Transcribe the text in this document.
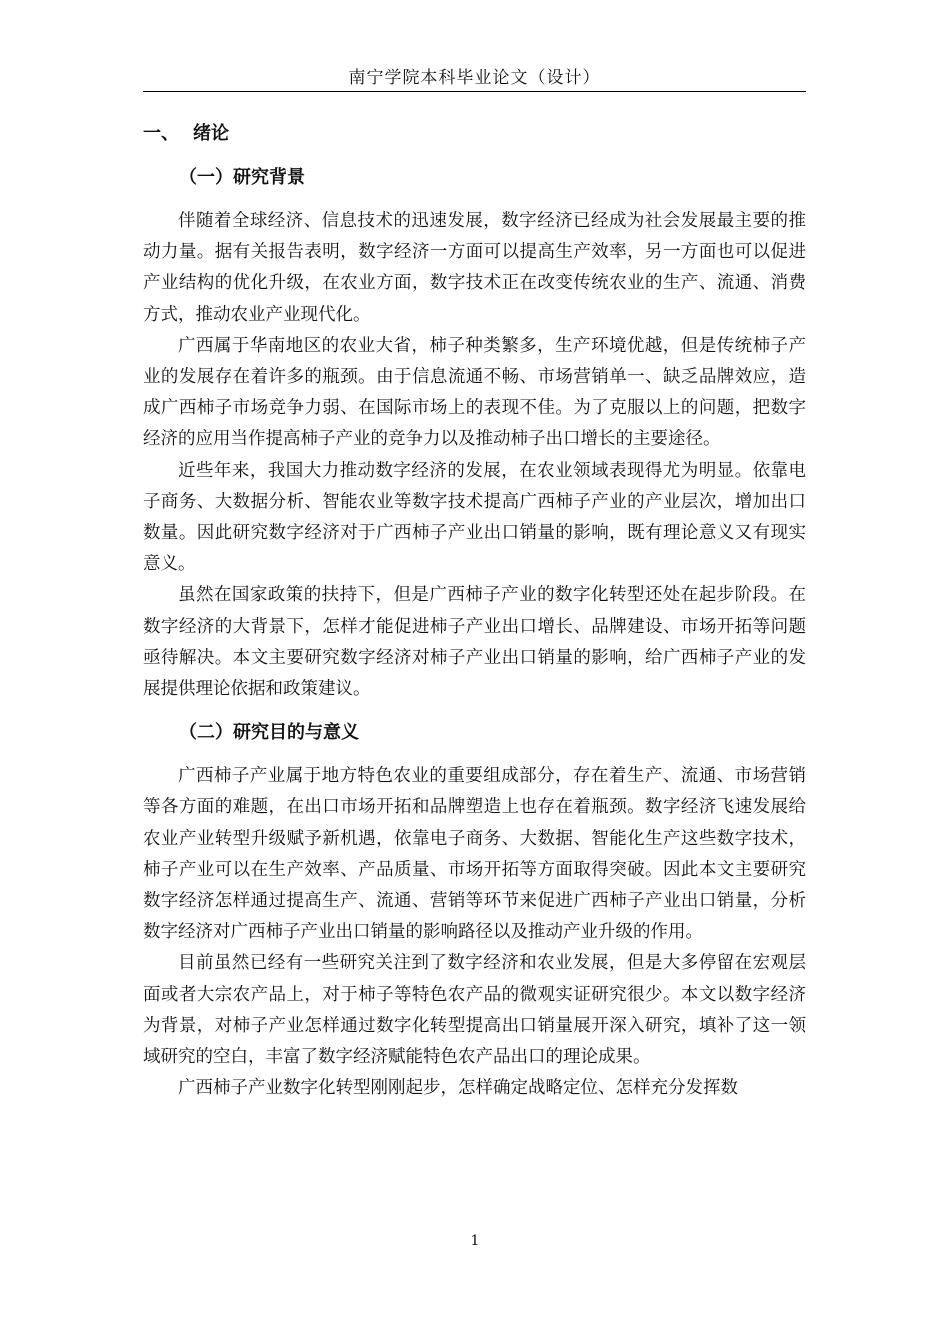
南宁学院本科毕业论文（设计）
一、 绪论
（一）研究背景

伴随着全球经济、信息技术的迅速发展，数字经济已经成为社会发展最主要的推动力量。据有关报告表明，数字经济一方面可以提高生产效率，另一方面也可以促进产业结构的优化升级，在农业方面，数字技术正在改变传统农业的生产、流通、消费方式，推动农业产业现代化。

广西属于华南地区的农业大省，柿子种类繁多，生产环境优越，但是传统柿子产业的发展存在着许多的瓶颈。由于信息流通不畅、市场营销单一、缺乏品牌效应，造成广西柿子市场竞争力弱、在国际市场上的表现不佳。为了克服以上的问题，把数字经济的应用当作提高柿子产业的竞争力以及推动柿子出口增长的主要途径。

近些年来，我国大力推动数字经济的发展，在农业领域表现得尤为明显。依靠电子商务、大数据分析、智能农业等数字技术提高广西柿子产业的产业层次，增加出口数量。因此研究数字经济对于广西柿子产业出口销量的影响，既有理论意义又有现实意义。

虽然在国家政策的扶持下，但是广西柿子产业的数字化转型还处在起步阶段。在数字经济的大背景下，怎样才能促进柿子产业出口增长、品牌建设、市场开拓等问题亟待解决。本文主要研究数字经济对柿子产业出口销量的影响，给广西柿子产业的发展提供理论依据和政策建议。

（二）研究目的与意义

广西柿子产业属于地方特色农业的重要组成部分，存在着生产、流通、市场营销等各方面的难题，在出口市场开拓和品牌塑造上也存在着瓶颈。数字经济飞速发展给农业产业转型升级赋予新机遇，依靠电子商务、大数据、智能化生产这些数字技术，柿子产业可以在生产效率、产品质量、市场开拓等方面取得突破。因此本文主要研究数字经济怎样通过提高生产、流通、营销等环节来促进广西柿子产业出口销量，分析数字经济对广西柿子产业出口销量的影响路径以及推动产业升级的作用。

目前虽然已经有一些研究关注到了数字经济和农业发展，但是大多停留在宏观层面或者大宗农产品上，对于柿子等特色农产品的微观实证研究很少。本文以数字经济为背景，对柿子产业怎样通过数字化转型提高出口销量展开深入研究，填补了这一领域研究的空白，丰富了数字经济赋能特色农产品出口的理论成果。

广西柿子产业数字化转型刚刚起步，怎样确定战略定位、怎样充分发挥数

1
